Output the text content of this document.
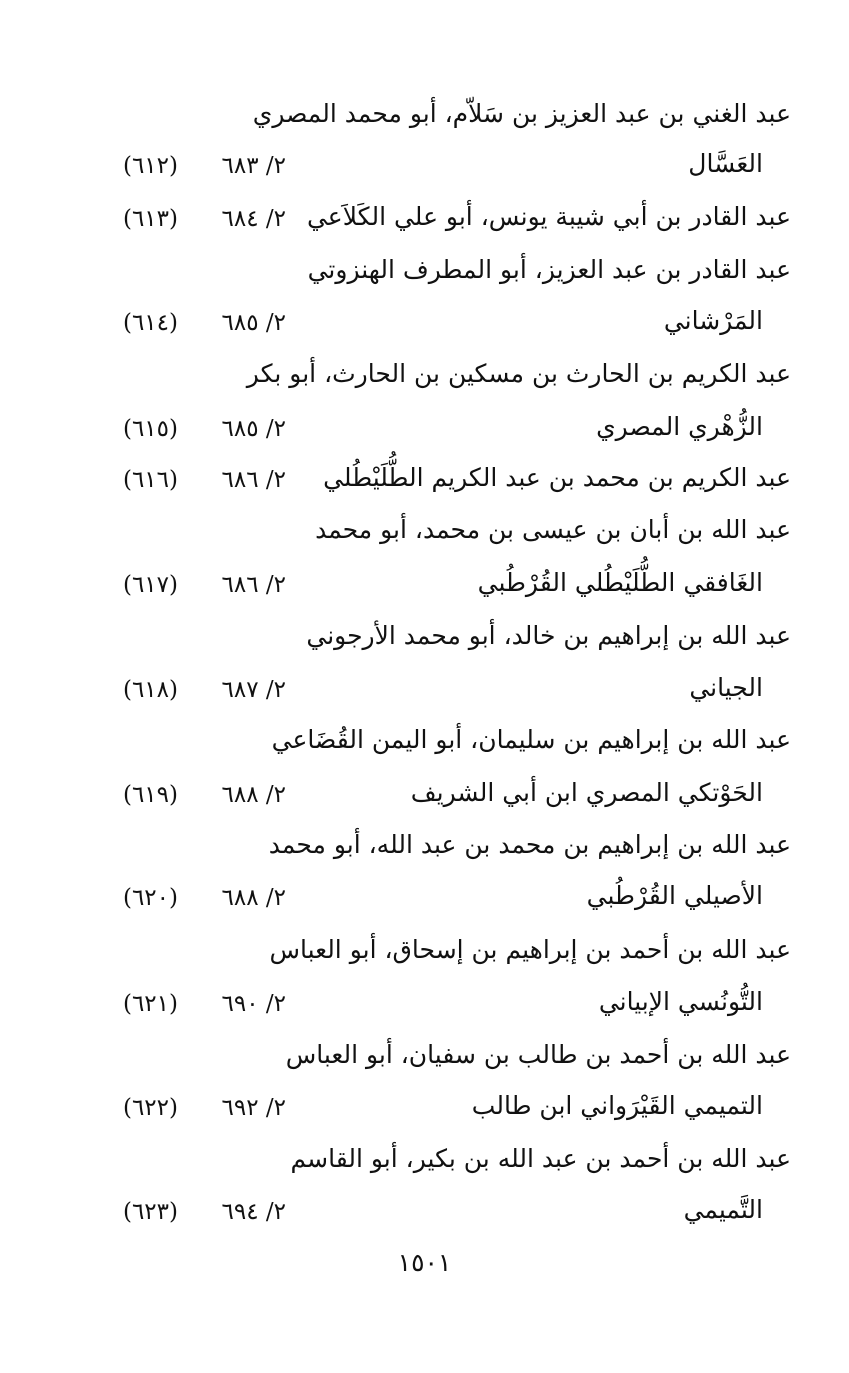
عبد الغني بن عبد العزيز بن سَلاّم، أبو محمد المصري
العَسَّال
٢/ ٦٨٣
(٦١٢)
عبد القادر بن أبي شيبة يونس، أبو علي الكَلاَعي
٢/ ٦٨٤
(٦١٣)
عبد القادر بن عبد العزيز، أبو المطرف الهنزوتي
المَرْشاني
٢/ ٦٨٥
(٦١٤)
عبد الكريم بن الحارث بن مسكين بن الحارث، أبو بكر
الزُّهْري المصري
٢/ ٦٨٥
(٦١٥)
عبد الكريم بن محمد بن عبد الكريم الطُّلَيْطُلي
٢/ ٦٨٦
(٦١٦)
عبد الله بن أبان بن عيسى بن محمد، أبو محمد
الغَافقي الطُّلَيْطُلي القُرْطُبي
٢/ ٦٨٦
(٦١٧)
عبد الله بن إبراهيم بن خالد، أبو محمد الأرجوني
الجياني
٢/ ٦٨٧
(٦١٨)
عبد الله بن إبراهيم بن سليمان، أبو اليمن القُضَاعي
الحَوْتكي المصري ابن أبي الشريف
٢/ ٦٨٨
(٦١٩)
عبد الله بن إبراهيم بن محمد بن عبد الله، أبو محمد
الأصيلي القُرْطُبي
٢/ ٦٨٨
(٦٢٠)
عبد الله بن أحمد بن إبراهيم بن إسحاق، أبو العباس
التُّونُسي الإبياني
٢/ ٦٩٠
(٦٢١)
عبد الله بن أحمد بن طالب بن سفيان، أبو العباس
التميمي القَيْرَواني ابن طالب
٢/ ٦٩٢
(٦٢٢)
عبد الله بن أحمد بن عبد الله بن بكير، أبو القاسم
التَّميمي
٢/ ٦٩٤
(٦٢٣)
١٥٠١
